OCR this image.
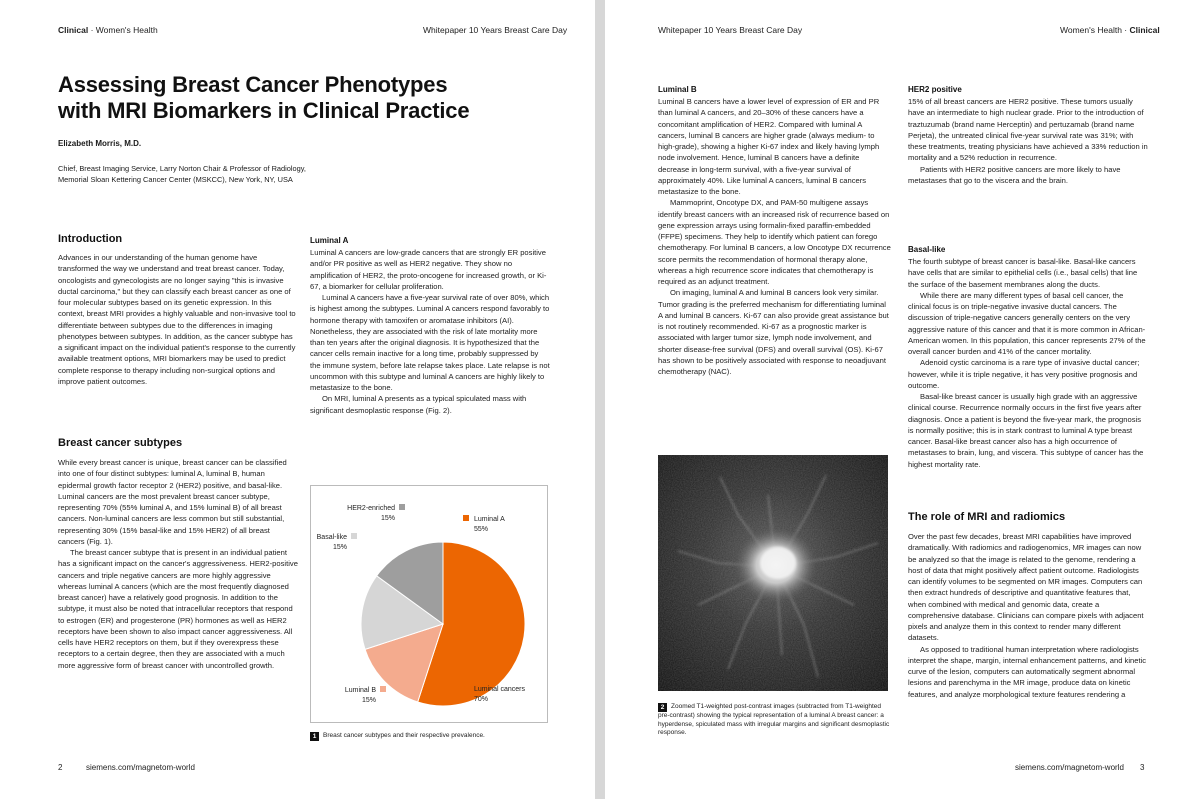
Clinical · Women's Health	Whitepaper 10 Years Breast Care Day
Assessing Breast Cancer Phenotypes
with MRI Biomarkers in Clinical Practice
Elizabeth Morris, M.D.
Chief, Breast Imaging Service, Larry Norton Chair & Professor of Radiology,
Memorial Sloan Kettering Cancer Center (MSKCC), New York, NY, USA
Introduction

Advances in our understanding of the human genome have transformed the way we understand and treat breast cancer. Today, oncologists and gynecologists are no longer saying "this is invasive ductal carcinoma," but they can classify each breast cancer as one of four molecular subtypes based on its genetic expression. In this context, breast MRI provides a highly valuable and non-invasive tool to differentiate between subtypes due to the differences in imaging phenotypes between subtypes. In addition, as the cancer subtype has a significant impact on the individual patient's response to the currently available treatment options, MRI biomarkers may be used to predict complete response to therapy including non-surgical options and improve patient outcomes.

Breast cancer subtypes

While every breast cancer is unique, breast cancer can be classified into one of four distinct subtypes: luminal A, luminal B, human epidermal growth factor receptor 2 (HER2) positive, and basal-like. Luminal cancers are the most prevalent breast cancer subtype, representing 70% (55% luminal A, and 15% luminal B) of all breast cancers. Non-luminal cancers are less common but still substantial, representing 30% (15% basal-like and 15% HER2) of all breast cancers (Fig. 1).

The breast cancer subtype that is present in an individual patient has a significant impact on the cancer's aggressiveness. HER2-positive cancers and triple negative cancers are more highly aggressive whereas luminal A cancers (which are the most frequently diagnosed breast cancer) have a relatively good prognosis. In addition to the subtype, it must also be noted that intracellular receptors that respond to estrogen (ER) and progesterone (PR) hormones as well as HER2 receptors have been shown to also impact cancer aggressiveness. All cells have HER2 receptors on them, but if they overexpress these receptors to a certain degree, then they are associated with a much more aggressive form of breast cancer with uncontrolled growth.

Luminal A

Luminal A cancers are low-grade cancers that are strongly ER positive and/or PR positive as well as HER2 negative. They show no amplification of HER2, the proto-oncogene for increased growth, or Ki-67, a biomarker for cellular proliferation.

Luminal A cancers have a five-year survival rate of over 80%, which is highest among the subtypes. Luminal A cancers respond favorably to hormone therapy with tamoxifen or aromatase inhibitors (AI). Nonetheless, they are associated with the risk of late mortality more than ten years after the original diagnosis. It is hypothesized that the cancer cells remain inactive for a long time, probably suppressed by the immune system, before late relapse takes place. Late relapse is not uncommon with this subtype and luminal A cancers are highly likely to metastasize to the bone.

On MRI, luminal A presents as a typical spiculated mass with significant desmoplastic response (Fig. 2).

Luminal A
55%
Luminal B
15%
Basal-like
15%
HER2-enriched
15%
Luminal cancers
70%
1 Breast cancer subtypes and their respective prevalence.
2	siemens.com/magnetom-world
Whitepaper 10 Years Breast Care Day	Women's Health · Clinical
Luminal B

Luminal B cancers have a lower level of expression of ER and PR than luminal A cancers, and 20–30% of these cancers have a concomitant amplification of HER2. Compared with luminal A cancers, luminal B cancers are higher grade (always medium- to high-grade), showing a higher Ki-67 index and likely having lymph node involvement. Hence, luminal B cancers have a definite decrease in long-term survival, with a five-year survival of approximately 40%. Like luminal A cancers, luminal B cancers metastasize to the bone.

Mammoprint, Oncotype DX, and PAM-50 multigene assays identify breast cancers with an increased risk of recurrence based on gene expression arrays using formalin-fixed paraffin-embedded (FFPE) specimens. They help to identify which patient can forego chemotherapy. For luminal B cancers, a low Oncotype DX recurrence score permits the recommendation of hormonal therapy alone, whereas a high recurrence score indicates that chemotherapy is required as an adjunct treatment.

On imaging, luminal A and luminal B cancers look very similar. Tumor grading is the preferred mechanism for differentiating luminal A and luminal B cancers. Ki-67 can also provide great assistance but is not routinely recommended. Ki-67 as a prognostic marker is associated with larger tumor size, lymph node involvement, and shorter disease-free survival (DFS) and overall survival (OS). Ki-67 has shown to be positively associated with response to neoadjuvant chemotherapy (NAC).

HER2 positive

15% of all breast cancers are HER2 positive. These tumors usually have an intermediate to high nuclear grade. Prior to the introduction of traztuzumab (brand name Herceptin) and pertuzamab (brand name Perjeta), the untreated clinical five-year survival rate was 31%; with these treatments, treating physicians have achieved a 33% reduction in mortality and a 52% reduction in recurrence.

Patients with HER2 positive cancers are more likely to have metastases that go to the viscera and the brain.

Basal-like

The fourth subtype of breast cancer is basal-like. Basal-like cancers have cells that are similar to epithelial cells (i.e., basal cells) that line the surface of the basement membranes along the ducts.

While there are many different types of basal cell cancer, the clinical focus is on triple-negative invasive ductal cancers. The discussion of triple-negative cancers generally centers on the very aggressive nature of this cancer and that it is more common in African-American women. In this population, this cancer represents 27% of the overall cancer burden and 41% of the cancer mortality.

Adenoid cystic carcinoma is a rare type of invasive ductal cancer; however, while it is triple negative, it has very positive prognosis and outcome.

Basal-like breast cancer is usually high grade with an aggressive clinical course. Recurrence normally occurs in the first five years after diagnosis. Once a patient is beyond the five-year mark, the prognosis is normally positive; this is in stark contrast to luminal A type breast cancer. Basal-like breast cancer also has a high occurrence of metastases to brain, lung, and viscera. This subtype of cancer has the highest mortality rate.

The role of MRI and radiomics

Over the past few decades, breast MRI capabilities have improved dramatically. With radiomics and radiogenomics, MR images can now be analyzed so that the image is related to the genome, rendering a host of data that might positively affect patient outcome. Radiologists can identify volumes to be segmented on MR images. Computers can then extract hundreds of descriptive and quantitative features that, when combined with medical and genomic data, create a comprehensive database. Clinicians can compare pixels with adjacent pixels and analyze them in this context to render many different datasets.

As opposed to traditional human interpretation where radiologists interpret the shape, margin, internal enhancement patterns, and kinetic curve of the lesion, computers can automatically segment abnormal lesions and parenchyma in the MR image, produce data on kinetic features, and analyze morphological texture features rendering a

2 Zoomed T1-weighted post-contrast images (subtracted from T1-weighted pre-contrast) showing the typical representation of a luminal A breast cancer: a hyperdense, spiculated mass with irregular margins and significant desmoplastic response.
siemens.com/magnetom-world 3
